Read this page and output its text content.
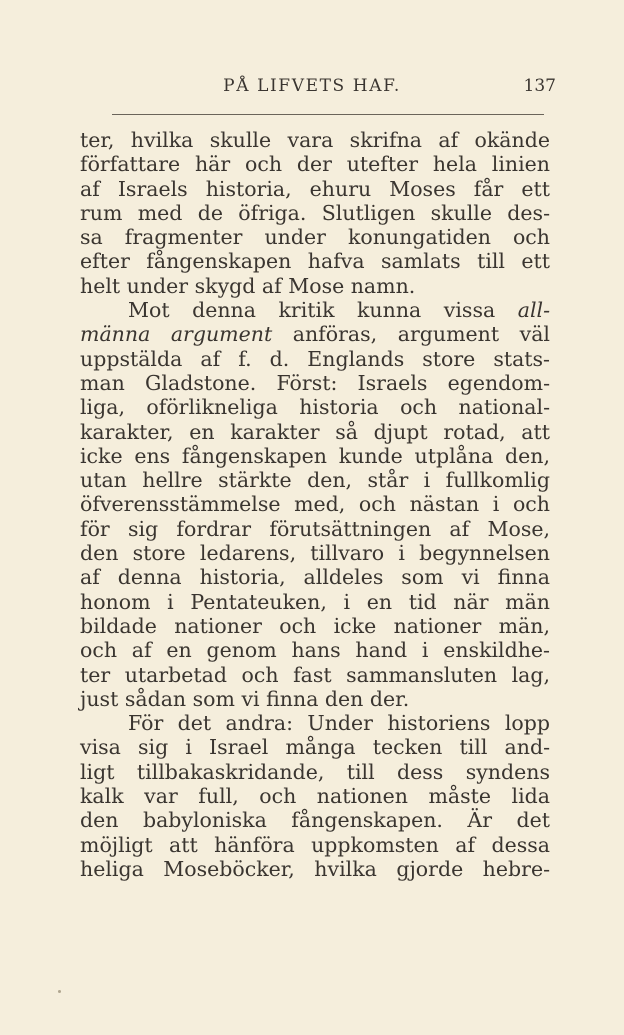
PÅ LIFVETS HAF.	137
ter, hvilka skulle vara skrifna af okände
författare här och der utefter hela linien
af Israels historia, ehuru Moses får ett
rum med de öfriga. Slutligen skulle des-
sa fragmenter under konungatiden och
efter fångenskapen hafva samlats till ett
helt under skygd af Mose namn.
Mot denna kritik kunna vissa all-
männa argument anföras, argument väl
uppstälda af f. d. Englands store stats-
man Gladstone. Först: Israels egendom-
liga, oförlikneliga historia och national-
karakter, en karakter så djupt rotad, att
icke ens fångenskapen kunde utplåna den,
utan hellre stärkte den, står i fullkomlig
öfverensstämmelse med, och nästan i och
för sig fordrar förutsättningen af Mose,
den store ledarens, tillvaro i begynnelsen
af denna historia, alldeles som vi finna
honom i Pentateuken, i en tid när män
bildade nationer och icke nationer män,
och af en genom hans hand i enskildhe-
ter utarbetad och fast sammansluten lag,
just sådan som vi finna den der.
För det andra: Under historiens lopp
visa sig i Israel många tecken till and-
ligt tillbakaskridande, till dess syndens
kalk var full, och nationen måste lida
den babyloniska fångenskapen. Är det
möjligt att hänföra uppkomsten af dessa
heliga Moseböcker, hvilka gjorde hebre-
